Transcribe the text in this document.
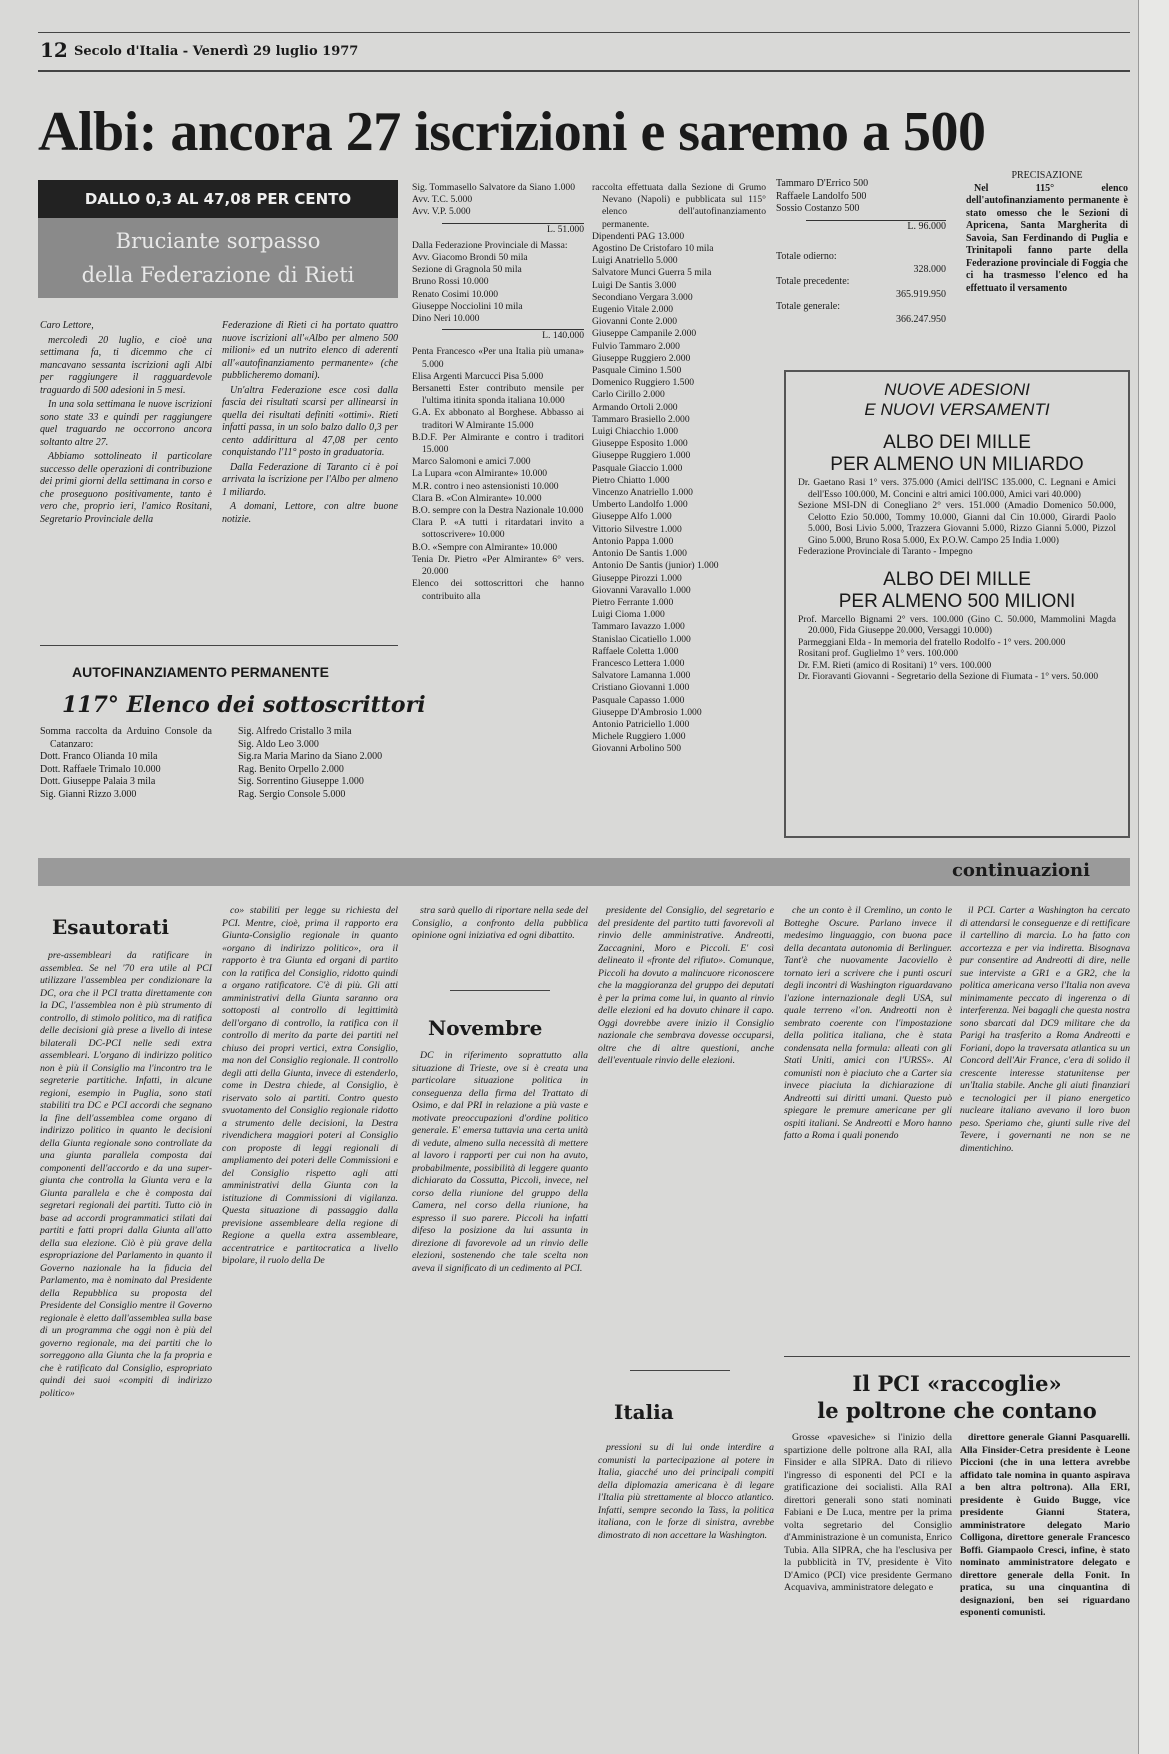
12 Secolo d'Italia - Venerdì 29 luglio 1977
Albi: ancora 27 iscrizioni e saremo a 500
DALLO 0,3 AL 47,08 PER CENTO
Bruciante sorpasso
della Federazione di Rieti

Caro Lettore,

mercoledì 20 luglio, e cioè una settimana fa, ti dicemmo che ci mancavano sessanta iscrizioni agli Albi per raggiungere il ragguardevole traguardo di 500 adesioni in 5 mesi.

In una sola settimana le nuove iscrizioni sono state 33 e quindi per raggiungere quel traguardo ne occorrono ancora soltanto altre 27.

Abbiamo sottolineato il particolare successo delle operazioni di contribuzione dei primi giorni della settimana in corso e che proseguono positivamente, tanto è vero che, proprio ieri, l'amico Rositani, Segretario Provinciale della

Federazione di Rieti ci ha portato quattro nuove iscrizioni all'«Albo per almeno 500 milioni» ed un nutrito elenco di aderenti all'«autofinanziamento permanente» (che pubblicheremo domani).

Un'altra Federazione esce così dalla fascia dei risultati scarsi per allinearsi in quella dei risultati definiti «ottimi». Rieti infatti passa, in un solo balzo dallo 0,3 per cento addirittura al 47,08 per cento conquistando l'11° posto in graduatoria.

Dalla Federazione di Taranto ci è poi arrivata la iscrizione per l'Albo per almeno 1 miliardo.

A domani, Lettore, con altre buone notizie.

AUTOFINANZIAMENTO PERMANENTE
117° Elenco dei sottoscrittori
Somma raccolta da Arduino Console da Catanzaro:
Dott. Franco Olianda 10 mila
Dott. Raffaele Trimalo 10.000
Dott. Giuseppe Palaia 3 mila
Sig. Gianni Rizzo 3.000
Sig. Alfredo Cristallo 3 mila
Sig. Aldo Leo 3.000
Sig.ra Maria Marino da Siano 2.000
Rag. Benito Orpello 2.000
Sig. Sorrentino Giuseppe 1.000
Rag. Sergio Console 5.000
Sig. Tommasello Salvatore da Siano 1.000
Avv. T.C. 5.000
Avv. V.P. 5.000
L. 51.000
Dalla Federazione Provinciale di Massa:
Avv. Giacomo Brondi 50 mila
Sezione di Gragnola 50 mila
Bruno Rossi 10.000
Renato Cosimi 10.000
Giuseppe Nocciolini 10 mila
Dino Neri 10.000
L. 140.000
Penta Francesco «Per una Italia più umana» 5.000
Elisa Argenti Marcucci Pisa 5.000
Bersanetti Ester contributo mensile per l'ultima itinita sponda italiana 10.000
G.A. Ex abbonato al Borghese. Abbasso ai traditori W Almirante 15.000
B.D.F. Per Almirante e contro i traditori 15.000
Marco Salomoni e amici 7.000
La Lupara «con Almirante» 10.000
M.R. contro i neo astensionisti 10.000
Clara B. «Con Almirante» 10.000
B.O. sempre con la Destra Nazionale 10.000
Clara P. «A tutti i ritardatari invito a sottoscrivere» 10.000
B.O. «Sempre con Almirante» 10.000
Tenia Dr. Pietro «Per Almirante» 6° vers. 20.000
Elenco dei sottoscrittori che hanno contribuito alla
raccolta effettuata dalla Sezione di Grumo Nevano (Napoli) e pubblicata sul 115° elenco dell'autofinanziamento permanente.
Dipendenti PAG 13.000
Agostino De Cristofaro 10 mila
Luigi Anatriello 5.000
Salvatore Munci Guerra 5 mila
Luigi De Santis 3.000
Secondiano Vergara 3.000
Eugenio Vitale 2.000
Giovanni Conte 2.000
Giuseppe Campanile 2.000
Fulvio Tammaro 2.000
Giuseppe Ruggiero 2.000
Pasquale Cimino 1.500
Domenico Ruggiero 1.500
Carlo Cirillo 2.000
Armando Ortoli 2.000
Tammaro Brasiello 2.000
Luigi Chiacchio 1.000
Giuseppe Esposito 1.000
Giuseppe Ruggiero 1.000
Pasquale Giaccio 1.000
Pietro Chiatto 1.000
Vincenzo Anatriello 1.000
Umberto Landolfo 1.000
Giuseppe Alfo 1.000
Vittorio Silvestre 1.000
Antonio Pappa 1.000
Antonio De Santis 1.000
Antonio De Santis (junior) 1.000
Giuseppe Pirozzi 1.000
Giovanni Varavallo 1.000
Pietro Ferrante 1.000
Luigi Cioma 1.000
Tammaro Iavazzo 1.000
Stanislao Cicatiello 1.000
Raffaele Coletta 1.000
Francesco Lettera 1.000
Salvatore Lamanna 1.000
Cristiano Giovanni 1.000
Pasquale Capasso 1.000
Giuseppe D'Ambrosio 1.000
Antonio Patriciello 1.000
Michele Ruggiero 1.000
Giovanni Arbolino 500
Tammaro D'Errico 500
Raffaele Landolfo 500
Sossio Costanzo 500
L. 96.000
Totale odierno:
328.000
Totale precedente:
365.919.950
Totale generale:
366.247.950
PRECISAZIONE

Nel 115° elenco dell'autofinanziamento permanente è stato omesso che le Sezioni di Apricena, Santa Margherita di Savoia, San Ferdinando di Puglia e Trinitapoli fanno parte della Federazione provinciale di Foggia che ci ha trasmesso l'elenco ed ha effettuato il versamento

NUOVE ADESIONI
E NUOVI VERSAMENTI
ALBO DEI MILLE
PER ALMENO UN MILIARDO
Dr. Gaetano Rasi 1° vers. 375.000 (Amici dell'ISC 135.000, C. Legnani e Amici dell'Esso 100.000, M. Concini e altri amici 100.000, Amici vari 40.000)
Sezione MSI-DN di Conegliano 2° vers. 151.000 (Amadio Domenico 50.000, Celotto Ezio 50.000, Tommy 10.000, Gianni dal Cin 10.000, Girardi Paolo 5.000, Bosi Livio 5.000, Trazzera Giovanni 5.000, Rizzo Gianni 5.000, Pizzol Gino 5.000, Bruno Rosa 5.000, Ex P.O.W. Campo 25 India 1.000)
Federazione Provinciale di Taranto - Impegno
ALBO DEI MILLE
PER ALMENO 500 MILIONI
Prof. Marcello Bignami 2° vers. 100.000 (Gino C. 50.000, Mammolini Magda 20.000, Fida Giuseppe 20.000, Versaggi 10.000)
Parmeggiani Elda - In memoria del fratello Rodolfo - 1° vers. 200.000
Rositani prof. Guglielmo 1° vers. 100.000
Dr. F.M. Rieti (amico di Rositani) 1° vers. 100.000
Dr. Fioravanti Giovanni - Segretario della Sezione di Fiumata - 1° vers. 50.000
continuazioni
Esautorati

pre-assembleari da ratificare in assemblea. Se nel '70 era utile al PCI utilizzare l'assemblea per condizionare la DC, ora che il PCI tratta direttamente con la DC, l'assemblea non è più strumento di controllo, di stimolo politico, ma di ratifica delle decisioni già prese a livello di intese bilaterali DC-PCI nelle sedi extra assembleari. L'organo di indirizzo politico non è più il Consiglio ma l'incontro tra le segreterie partitiche. Infatti, in alcune regioni, esempio in Puglia, sono stati stabiliti tra DC e PCI accordi che segnano la fine dell'assemblea come organo di indirizzo politico in quanto le decisioni della Giunta regionale sono controllate da una giunta parallela composta dai componenti dell'accordo e da una super-giunta che controlla la Giunta vera e la Giunta parallela e che è composta dai segretari regionali dei partiti. Tutto ciò in base ad accordi programmatici stilati dai partiti e fatti propri dalla Giunta all'atto della sua elezione. Ciò è più grave della espropriazione del Parlamento in quanto il Governo nazionale ha la fiducia del Parlamento, ma è nominato dal Presidente della Repubblica su proposta del Presidente del Consiglio mentre il Governo regionale è eletto dall'assemblea sulla base di un programma che oggi non è più del governo regionale, ma dei partiti che lo sorreggono alla Giunta che la fa propria e che è ratificato dal Consiglio, espropriato quindi dei suoi «compiti di indirizzo politico»

co» stabiliti per legge su richiesta del PCI. Mentre, cioè, prima il rapporto era Giunta-Consiglio regionale in quanto «organo di indirizzo politico», ora il rapporto è tra Giunta ed organi di partito con la ratifica del Consiglio, ridotto quindi a organo ratificatore. C'è di più. Gli atti amministrativi della Giunta saranno ora sottoposti al controllo di legittimità dell'organo di controllo, la ratifica con il controllo di merito da parte dei partiti nel chiuso dei propri vertici, extra Consiglio, ma non del Consiglio regionale. Il controllo degli atti della Giunta, invece di estenderlo, come in Destra chiede, al Consiglio, è riservato solo ai partiti. Contro questo svuotamento del Consiglio regionale ridotto a strumento delle decisioni, la Destra rivendichera maggiori poteri al Consiglio con proposte di leggi regionali di ampliamento dei poteri delle Commissioni e del Consiglio rispetto agli atti amministrativi della Giunta con la istituzione di Commissioni di vigilanza. Questa situazione di passaggio dalla previsione assembleare della regione di Regione a quella extra assembleare, accentratrice e partitocratica a livello bipolare, il ruolo della De

stra sarà quello di riportare nella sede del Consiglio, a confronto della pubblica opinione ogni iniziativa ed ogni dibattito.

Novembre

DC in riferimento soprattutto alla situazione di Trieste, ove si è creata una particolare situazione politica in conseguenza della firma del Trattato di Osimo, e dal PRI in relazione a più vaste e motivate preoccupazioni d'ordine politico generale. E' emersa tuttavia una certa unità di vedute, almeno sulla necessità di mettere al lavoro i rapporti per cui non ha avuto, probabilmente, possibilità di leggere quanto dichiarato da Cossutta, Piccoli, invece, nel corso della riunione del gruppo della Camera, nel corso della riunione, ha espresso il suo parere. Piccoli ha infatti difeso la posizione da lui assunta in direzione di favorevole ad un rinvio delle elezioni, sostenendo che tale scelta non aveva il significato di un cedimento al PCI.

presidente del Consiglio, del segretario e del presidente del partito tutti favorevoli al rinvio delle amministrative. Andreotti, Zaccagnini, Moro e Piccoli. E' così delineato il «fronte del rifiuto». Comunque, Piccoli ha dovuto a malincuore riconoscere che la maggioranza del gruppo dei deputati è per la prima come lui, in quanto al rinvio delle elezioni ed ha dovuto chinare il capo. Oggi dovrebbe avere inizio il Consiglio nazionale che sembrava dovesse occuparsi, oltre che di altre questioni, anche dell'eventuale rinvio delle elezioni.

Italia

pressioni su di lui onde interdire a comunisti la partecipazione al potere in Italia, giacché uno dei principali compiti della diplomazia americana è di legare l'Italia più strettamente al blocco atlantico. Infatti, sempre secondo la Tass, la politica italiana, con le forze di sinistra, avrebbe dimostrato di non accettare la Washington.

che un conto è il Cremlino, un conto le Botteghe Oscure. Parlano invece il medesimo linguaggio, con buona pace della decantata autonomia di Berlinguer. Tant'è che nuovamente Jacoviello è tornato ieri a scrivere che i punti oscuri degli incontri di Washington riguardavano l'azione internazionale degli USA, sul quale terreno «l'on. Andreotti non è sembrato coerente con l'impostazione della politica italiana, che è stata condensata nella formula: alleati con gli Stati Uniti, amici con l'URSS». Al comunisti non è piaciuto che a Carter sia invece piaciuta la dichiarazione di Andreotti sui diritti umani. Questo può spiegare le premure americane per gli ospiti italiani. Se Andreotti e Moro hanno fatto a Roma i quali ponendo

il PCI. Carter a Washington ha cercato di attendarsi le conseguenze e di rettificare il cartellino di marcia. Lo ha fatto con accortezza e per via indiretta. Bisognava pur consentire ad Andreotti di dire, nelle sue interviste a GR1 e a GR2, che la politica americana verso l'Italia non aveva minimamente peccato di ingerenza o di interferenza. Nei bagagli che questa nostra sono sbarcati dal DC9 militare che da Parigi ha trasferito a Roma Andreotti e Foriani, dopo la traversata atlantica su un Concord dell'Air France, c'era di solido il crescente interesse statunitense per un'Italia stabile. Anche gli aiuti finanziari e tecnologici per il piano energetico nucleare italiano avevano il loro buon peso. Speriamo che, giunti sulle rive del Tevere, i governanti ne non se ne dimentichino.

Il PCI «raccoglie»
le poltrone che contano

Grosse «pavesiche» si l'inizio della spartizione delle poltrone alla RAI, alla Finsider e alla SIPRA. Dato di rilievo l'ingresso di esponenti del PCI e la gratificazione dei socialisti. Alla RAI direttori generali sono stati nominati Fabiani e De Luca, mentre per la prima volta segretario del Consiglio d'Amministrazione è un comunista, Enrico Tubia. Alla SIPRA, che ha l'esclusiva per la pubblicità in TV, presidente è Vito D'Amico (PCI) vice presidente Germano Acquaviva, amministratore delegato e

direttore generale Gianni Pasquarelli. Alla Finsider-Cetra presidente è Leone Piccioni (che in una lettera avrebbe affidato tale nomina in quanto aspirava a ben altra poltrona). Alla ERI, presidente è Guido Bugge, vice presidente Gianni Statera, amministratore delegato Mario Colligona, direttore generale Francesco Boffi. Giampaolo Cresci, infine, è stato nominato amministratore delegato e direttore generale della Fonit. In pratica, su una cinquantina di designazioni, ben sei riguardano esponenti comunisti.
